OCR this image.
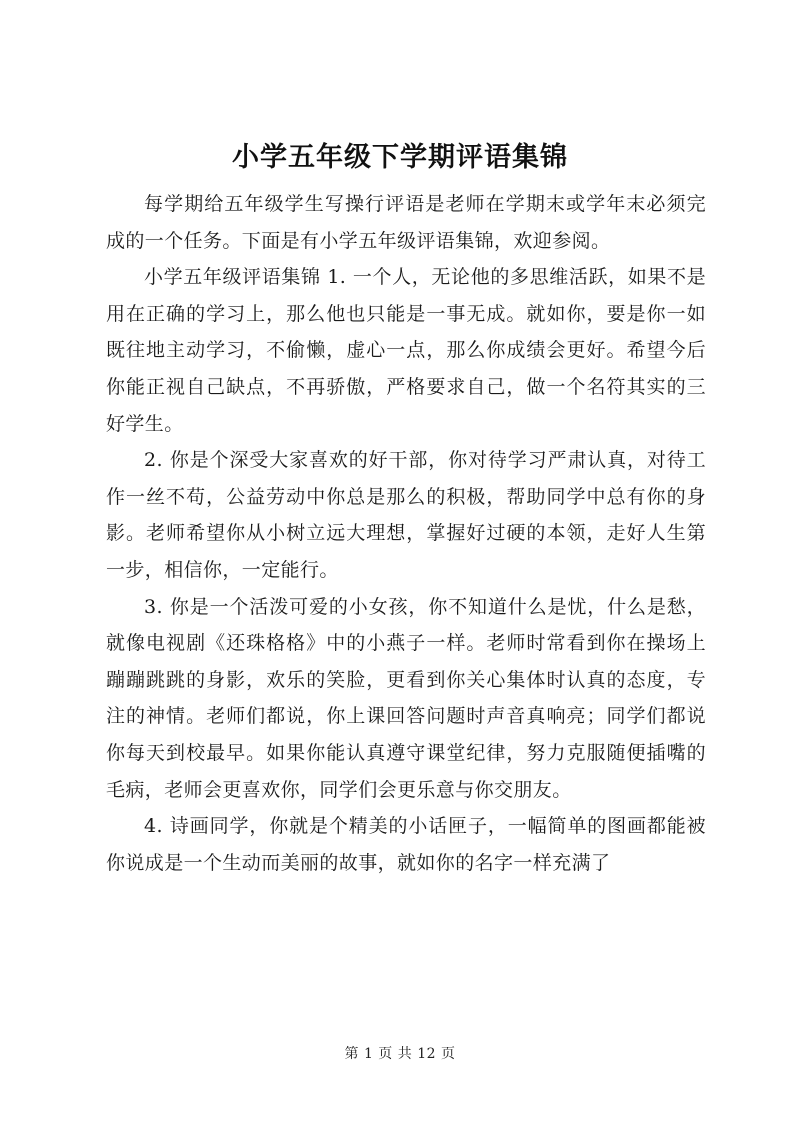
小学五年级下学期评语集锦

每学期给五年级学生写操行评语是老师在学期末或学年末必须完成的一个任务。下面是有小学五年级评语集锦，欢迎参阅。

小学五年级评语集锦 1. 一个人，无论他的多思维活跃，如果不是用在正确的学习上，那么他也只能是一事无成。就如你，要是你一如既往地主动学习，不偷懒，虚心一点，那么你成绩会更好。希望今后你能正视自己缺点，不再骄傲，严格要求自己，做一个名符其实的三好学生。

2. 你是个深受大家喜欢的好干部，你对待学习严肃认真，对待工作一丝不苟，公益劳动中你总是那么的积极，帮助同学中总有你的身影。老师希望你从小树立远大理想，掌握好过硬的本领，走好人生第一步，相信你，一定能行。

3. 你是一个活泼可爱的小女孩，你不知道什么是忧，什么是愁，就像电视剧《还珠格格》中的小燕子一样。老师时常看到你在操场上蹦蹦跳跳的身影，欢乐的笑脸，更看到你关心集体时认真的态度，专注的神情。老师们都说，你上课回答问题时声音真响亮；同学们都说你每天到校最早。如果你能认真遵守课堂纪律，努力克服随便插嘴的毛病，老师会更喜欢你，同学们会更乐意与你交朋友。

4. 诗画同学，你就是个精美的小话匣子，一幅简单的图画都能被你说成是一个生动而美丽的故事，就如你的名字一样充满了

第 1 页 共 12 页
